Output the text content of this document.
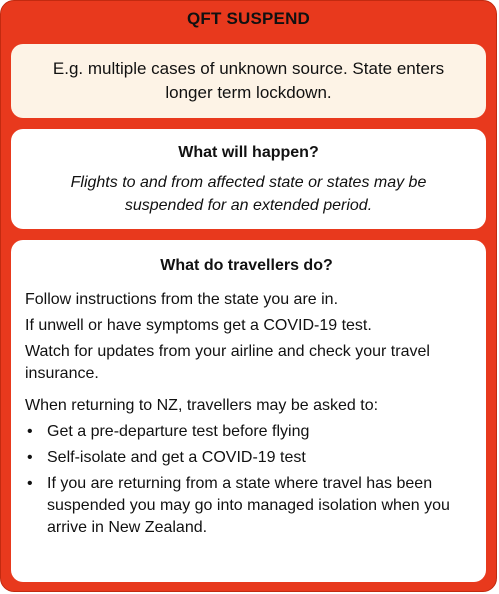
QFT SUSPEND
E.g. multiple cases of unknown source. State enters longer term lockdown.
What will happen?
Flights to and from affected state or states may be suspended for an extended period.
What do travellers do?

Follow instructions from the state you are in.

If unwell or have symptoms get a COVID-19 test.

Watch for updates from your airline and check your travel insurance.

When returning to NZ, travellers may be asked to:

• Get a pre-departure test before flying
• Self-isolate and get a COVID-19 test
• If you are returning from a state where travel has been suspended you may go into managed isolation when you arrive in New Zealand.
